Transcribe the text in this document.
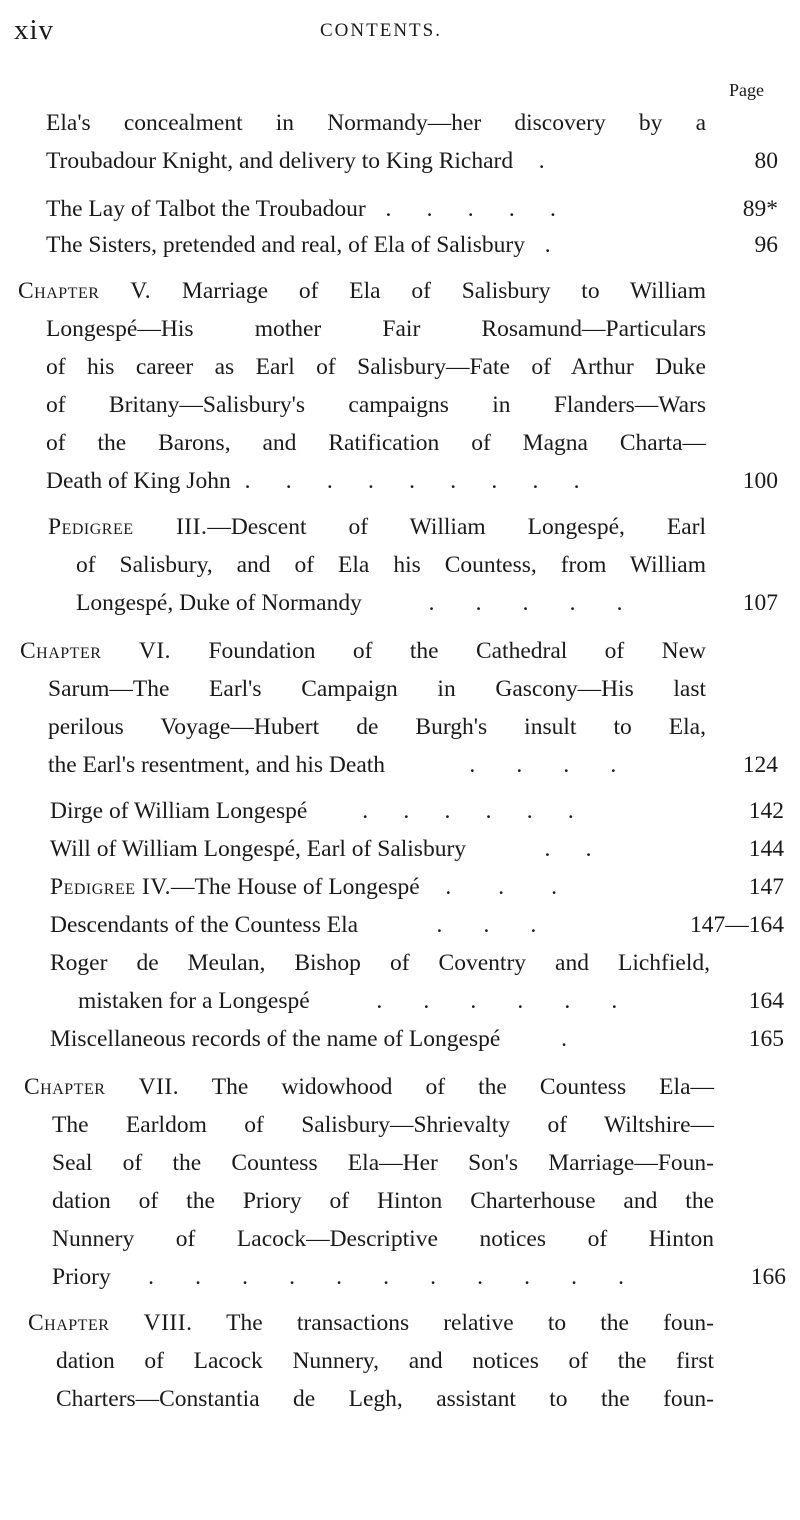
xiv	CONTENTS.
Page
Ela's concealment in Normandy—her discovery by a
Troubadour Knight, and delivery to King Richard .	80
The Lay of Talbot the Troubadour .      .      .      .      .	89*
The Sisters, pretended and real, of Ela of Salisbury .	96
Chapter V. Marriage of Ela of Salisbury to William
Longespé—His mother Fair Rosamund—Particulars
of his career as Earl of Salisbury—Fate of Arthur Duke
of Britany—Salisbury's campaigns in Flanders—Wars
of the Barons, and Ratification of Magna Charta—
Death of King John .      .      .      .      .      .      .      .      .	100
Pedigree III.—Descent of William Longespé, Earl
of Salisbury, and of Ela his Countess, from William
Longespé, Duke of Normandy .       .       .       .       .	107
Chapter VI. Foundation of the Cathedral of New
Sarum—The Earl's Campaign in Gascony—His last
perilous Voyage—Hubert de Burgh's insult to Ela,
the Earl's resentment, and his Death .       .       .       .	124
Dirge of William Longespé .      .      .      .      .      .	142
Will of William Longespé, Earl of Salisbury .      .	144
Pedigree IV.—The House of Longespé .        .        .	147
Descendants of the Countess Ela .       .       .	147—164
Roger de Meulan, Bishop of Coventry and Lichfield,
mistaken for a Longespé .       .       .       .       .       .	164
Miscellaneous records of the name of Longespé .	165
Chapter VII. The widowhood of the Countess Ela—
The Earldom of Salisbury—Shrievalty of Wiltshire—
Seal of the Countess Ela—Her Son's Marriage—Foun-
dation of the Priory of Hinton Charterhouse and the
Nunnery of Lacock—Descriptive notices of Hinton
Priory .       .       .       .       .       .       .       .       .       .       .	166
Chapter VIII. The transactions relative to the foun-
dation of Lacock Nunnery, and notices of the first
Charters—Constantia de Legh, assistant to the foun-
